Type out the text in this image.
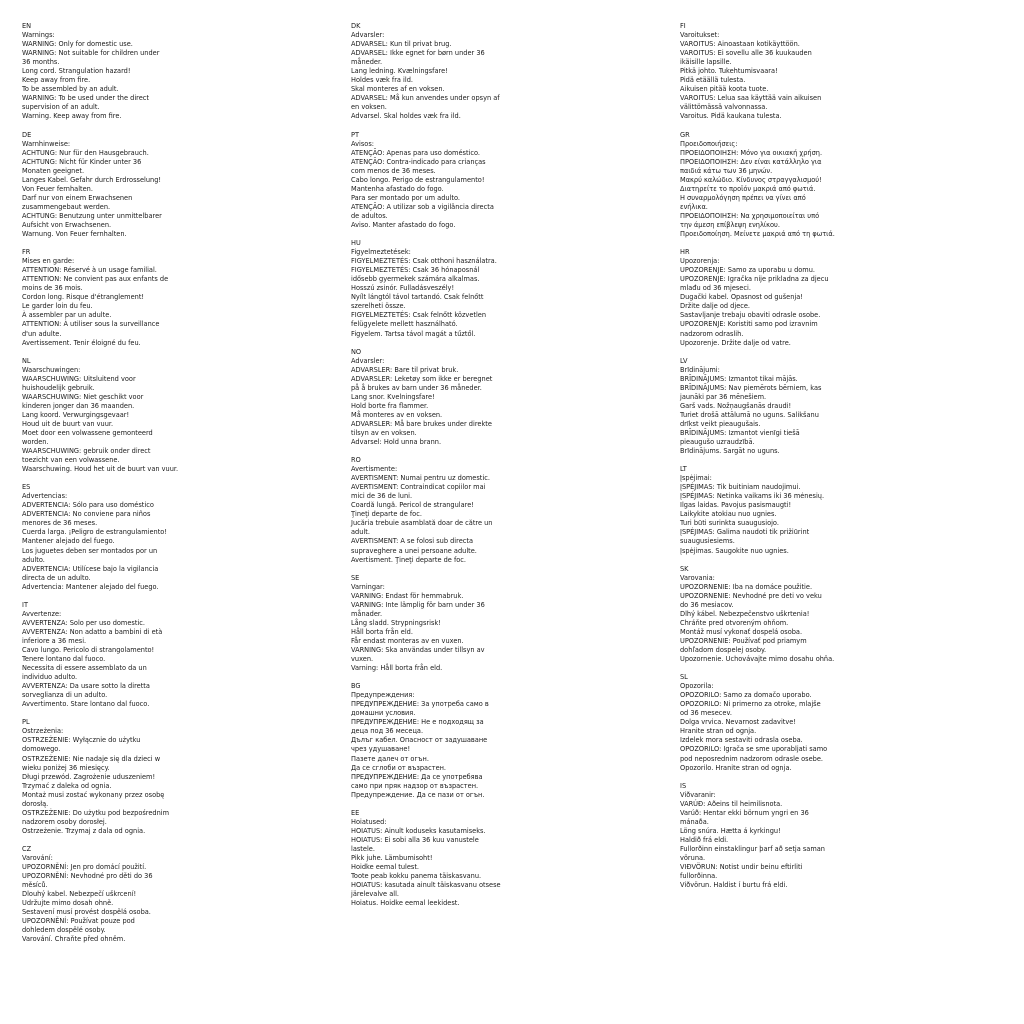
EN
Warnings:
WARNING: Only for domestic use.
WARNING: Not suitable for children under
36 months.
Long cord. Strangulation hazard!
Keep away from fire.
To be assembled by an adult.
WARNING: To be used under the direct
supervision of an adult.
Warning. Keep away from fire.
DE
Warnhinweise:
ACHTUNG: Nur für den Hausgebrauch.
ACHTUNG: Nicht für Kinder unter 36
Monaten geeignet.
Langes Kabel. Gefahr durch Erdrosselung!
Von Feuer fernhalten.
Darf nur von einem Erwachsenen
zusammengebaut werden.
ACHTUNG: Benutzung unter unmittelbarer
Aufsicht von Erwachsenen.
Warnung. Von Feuer fernhalten.
FR
Mises en garde:
ATTENTION: Réservé à un usage familial.
ATTENTION: Ne convient pas aux enfants de
moins de 36 mois.
Cordon long. Risque d'étranglement!
Le garder loin du feu.
À assembler par un adulte.
ATTENTION: À utiliser sous la surveillance
d'un adulte.
Avertissement. Tenir éloigné du feu.
NL
Waarschuwingen:
WAARSCHUWING: Uitsluitend voor
huishoudelijk gebruik.
WAARSCHUWING: Niet geschikt voor
kinderen jonger dan 36 maanden.
Lang koord. Verwurgingsgevaar!
Houd uit de buurt van vuur.
Moet door een volwassene gemonteerd
worden.
WAARSCHUWING: gebruik onder direct
toezicht van een volwassene.
Waarschuwing. Houd het uit de buurt van vuur.
ES
Advertencias:
ADVERTENCIA: Sólo para uso doméstico
ADVERTENCIA: No conviene para niños
menores de 36 meses.
Cuerda larga. ¡Peligro de estrangulamiento!
Mantener alejado del fuego.
Los juguetes deben ser montados por un
adulto.
ADVERTENCIA: Utilícese bajo la vigilancia
directa de un adulto.
Advertencia: Mantener alejado del fuego.
IT
Avvertenze:
AVVERTENZA: Solo per uso domestic.
AVVERTENZA: Non adatto a bambini di età
inferiore a 36 mesi.
Cavo lungo. Pericolo di strangolamento!
Tenere lontano dal fuoco.
Necessita di essere assemblato da un
individuo adulto.
AVVERTENZA: Da usare sotto la diretta
sorveglianza di un adulto.
Avvertimento. Stare lontano dal fuoco.
PL
Ostrzeżenia:
OSTRZEŻENIE: Wyłącznie do użytku
domowego.
OSTRZEŻENIE: Nie nadaje się dla dzieci w
wieku poniżej 36 miesięcy.
Długi przewód. Zagrożenie uduszeniem!
Trzymać z daleka od ognia.
Montaż musi zostać wykonany przez osobę
dorosłą.
OSTRZEŻENIE: Do użytku pod bezpośrednim
nadzorem osoby dorosłej.
Ostrzeżenie. Trzymaj z dala od ognia.
CZ
Varování:
UPOZORNĚNÍ: Jen pro domácí použití.
UPOZORNĚNÍ: Nevhodné pro děti do 36
měsíců.
Dlouhý kabel. Nebezpečí uškrcení!
Udržujte mimo dosah ohně.
Sestavení musí provést dospělá osoba.
UPOZORNĚNÍ: Používat pouze pod
dohledem dospělé osoby.
Varování. Chraňte před ohněm.
DK
Advarsler:
ADVARSEL: Kun til privat brug.
ADVARSEL: Ikke egnet for børn under 36
måneder.
Lang ledning. Kvælningsfare!
Holdes væk fra ild.
Skal monteres af en voksen.
ADVARSEL: Må kun anvendes under opsyn af
en voksen.
Advarsel. Skal holdes væk fra ild.
PT
Avisos:
ATENÇÃO: Apenas para uso doméstico.
ATENÇÃO: Contra-indicado para crianças
com menos de 36 meses.
Cabo longo. Perigo de estrangulamento!
Mantenha afastado do fogo.
Para ser montado por um adulto.
ATENÇÃO: A utilizar sob a vigilância directa
de adultos.
Aviso. Manter afastado do fogo.
HU
Figyelmeztetések:
FIGYELMEZTETÉS: Csak otthoni használatra.
FIGYELMEZTETÉS: Csak 36 hónaposnál
idősebb gyermekek számára alkalmas.
Hosszú zsinór. Fulladásveszély!
Nyílt lángtól távol tartandó. Csak felnőtt
szerelheti össze.
FIGYELMEZTETÉS: Csak felnőtt közvetlen
felügyelete mellett használható.
Figyelem. Tartsa távol magát a tűztől.
NO
Advarsler:
ADVARSLER: Bare til privat bruk.
ADVARSLER: Leketøy som ikke er beregnet
på å brukes av barn under 36 måneder.
Lang snor. Kvelningsfare!
Hold borte fra flammer.
Må monteres av en voksen.
ADVARSLER: Må bare brukes under direkte
tilsyn av en voksen.
Advarsel: Hold unna brann.
RO
Avertismente:
AVERTISMENT: Numai pentru uz domestic.
AVERTISMENT: Contraindicat copiilor mai
mici de 36 de luni.
Coardă lungă. Pericol de strangulare!
Ţineţi departe de foc.
Jucăria trebuie asamblată doar de către un
adult.
AVERTISMENT: A se folosi sub directa
supraveghere a unei persoane adulte.
Avertisment. Ţineţi departe de foc.
SE
Varningar:
VARNING: Endast för hemmabruk.
VARNING: Inte lämplig för barn under 36
månader.
Lång sladd. Strypningsrisk!
Håll borta från eld.
Får endast monteras av en vuxen.
VARNING: Ska användas under tillsyn av
vuxen.
Varning: Håll borta från eld.
BG
Предупреждения:
ПРЕДУПРЕЖДЕНИЕ: За употреба само в
домашни условия.
ПРЕДУПРЕЖДЕНИЕ: Не е подходящ за
деца под 36 месеца.
Дълъг кабел. Опасност от задушаване
чрез удушаване!
Пазете далеч от огън.
Да се сглоби от възрастен.
ПРЕДУПРЕЖДЕНИЕ: Да се употребява
само при пряк надзор от възрастен.
Предупреждение. Да се пази от огън.
EE
Hoiatused:
HOIATUS: Ainult koduseks kasutamiseks.
HOIATUS: Ei sobi alla 36 kuu vanustele
lastele.
Pikk juhe. Lämbumisoht!
Hoidke eemal tulest.
Toote peab kokku panema täiskasvanu.
HOIATUS: kasutada ainult täiskasvanu otsese
järelevalve all.
Hoiatus. Hoidke eemal leekidest.
FI
Varoitukset:
VAROITUS: Ainoastaan kotikäyttöön.
VAROITUS: Ei sovellu alle 36 kuukauden
ikäisille lapsille.
Pitkä johto. Tukehtumisvaara!
Pidä etäällä tulesta.
Aikuisen pitää koota tuote.
VAROITUS: Lelua saa käyttää vain aikuisen
välittömässä valvonnassa.
Varoitus. Pidä kaukana tulesta.
GR
Προειδοποιήσεις:
ΠΡΟΕΙΔΟΠΟΙΗΣΗ: Μόνο για οικιακή χρήση.
ΠΡΟΕΙΔΟΠΟΙΗΣΗ: Δεν είναι κατάλληλο για
παιδιά κάτω των 36 μηνών.
Μακρύ καλώδιο. Κίνδυνος στραγγαλισμού!
Διατηρείτε το προϊόν μακριά από φωτιά.
Η συναρμολόγηση πρέπει να γίνει από
ενήλικα.
ΠΡΟΕΙΔΟΠΟΙΗΣΗ: Να χρησιμοποιείται υπό
την άμεση επίβλεψη ενηλίκου.
Προειδοποίηση. Μείνετε μακριά από τη φωτιά.
HR
Upozorenja:
UPOZORENJE: Samo za uporabu u domu.
UPOZORENJE: Igračka nije prikladna za djecu
mlađu od 36 mjeseci.
Dugački kabel. Opasnost od gušenja!
Držite dalje od djece.
Sastavljanje trebaju obaviti odrasle osobe.
UPOZORENJE: Koristiti samo pod izravnim
nadzorom odraslih.
Upozorenje. Držite dalje od vatre.
LV
Brīdinājumi:
BRĪDINĀJUMS: Izmantot tikai mājās.
BRĪDINĀJUMS: Nav piemērots bērniem, kas
jaunāki par 36 mēnešiem.
Garš vads. Nožņaugšanās draudi!
Turiet drošā attālumā no uguns. Salikšanu
drīkst veikt pieaugušais.
BRĪDINĀJUMS: Izmantot vienīgi tiešā
pieaugušo uzraudzībā.
Brīdinājums. Sargāt no uguns.
LT
Įspėjimai:
ĮSPĖJIMAS: Tik buitiniam naudojimui.
ĮSPĖJIMAS: Netinka vaikams iki 36 mėnesių.
Ilgas laidas. Pavojus pasismaugti!
Laikykite atokiau nuo ugnies.
Turi būti surinkta suaugusiojo.
ĮSPĖJIMAS: Galima naudoti tik prižiūrint
suaugusiesiems.
Įspėjimas. Saugokite nuo ugnies.
SK
Varovania:
UPOZORNENIE: Iba na domáce použitie.
UPOZORNENIE: Nevhodné pre deti vo veku
do 36 mesiacov.
Dlhý kábel. Nebezpečenstvo uškrtenia!
Chráňte pred otvoreným ohňom.
Montáž musí vykonať dospelá osoba.
UPOZORNENIE: Používať pod priamym
dohľadom dospelej osoby.
Upozornenie. Uchovávajte mimo dosahu ohňa.
SL
Opozorila:
OPOZORILO: Samo za domačo uporabo.
OPOZORILO: Ni primerno za otroke, mlajše
od 36 mesecev.
Dolga vrvica. Nevarnost zadavitve!
Hranite stran od ognja.
Izdelek mora sestaviti odrasla oseba.
OPOZORILO: Igrača se sme uporabljati samo
pod neposrednim nadzorom odrasle osebe.
Opozorilo. Hranite stran od ognja.
IS
Viðvaranir:
VARÚÐ: Aðeins til heimilisnota.
Varúð: Hentar ekki börnum yngri en 36
mánaða.
Löng snúra. Hætta á kyrkingu!
Haldið frá eldi.
Fullorðinn einstaklingur þarf að setja saman
vöruna.
VIÐVÖRUN: Notist undir beinu eftirliti
fullorðinna.
Viðvörun. Haldist í burtu frá eldi.
